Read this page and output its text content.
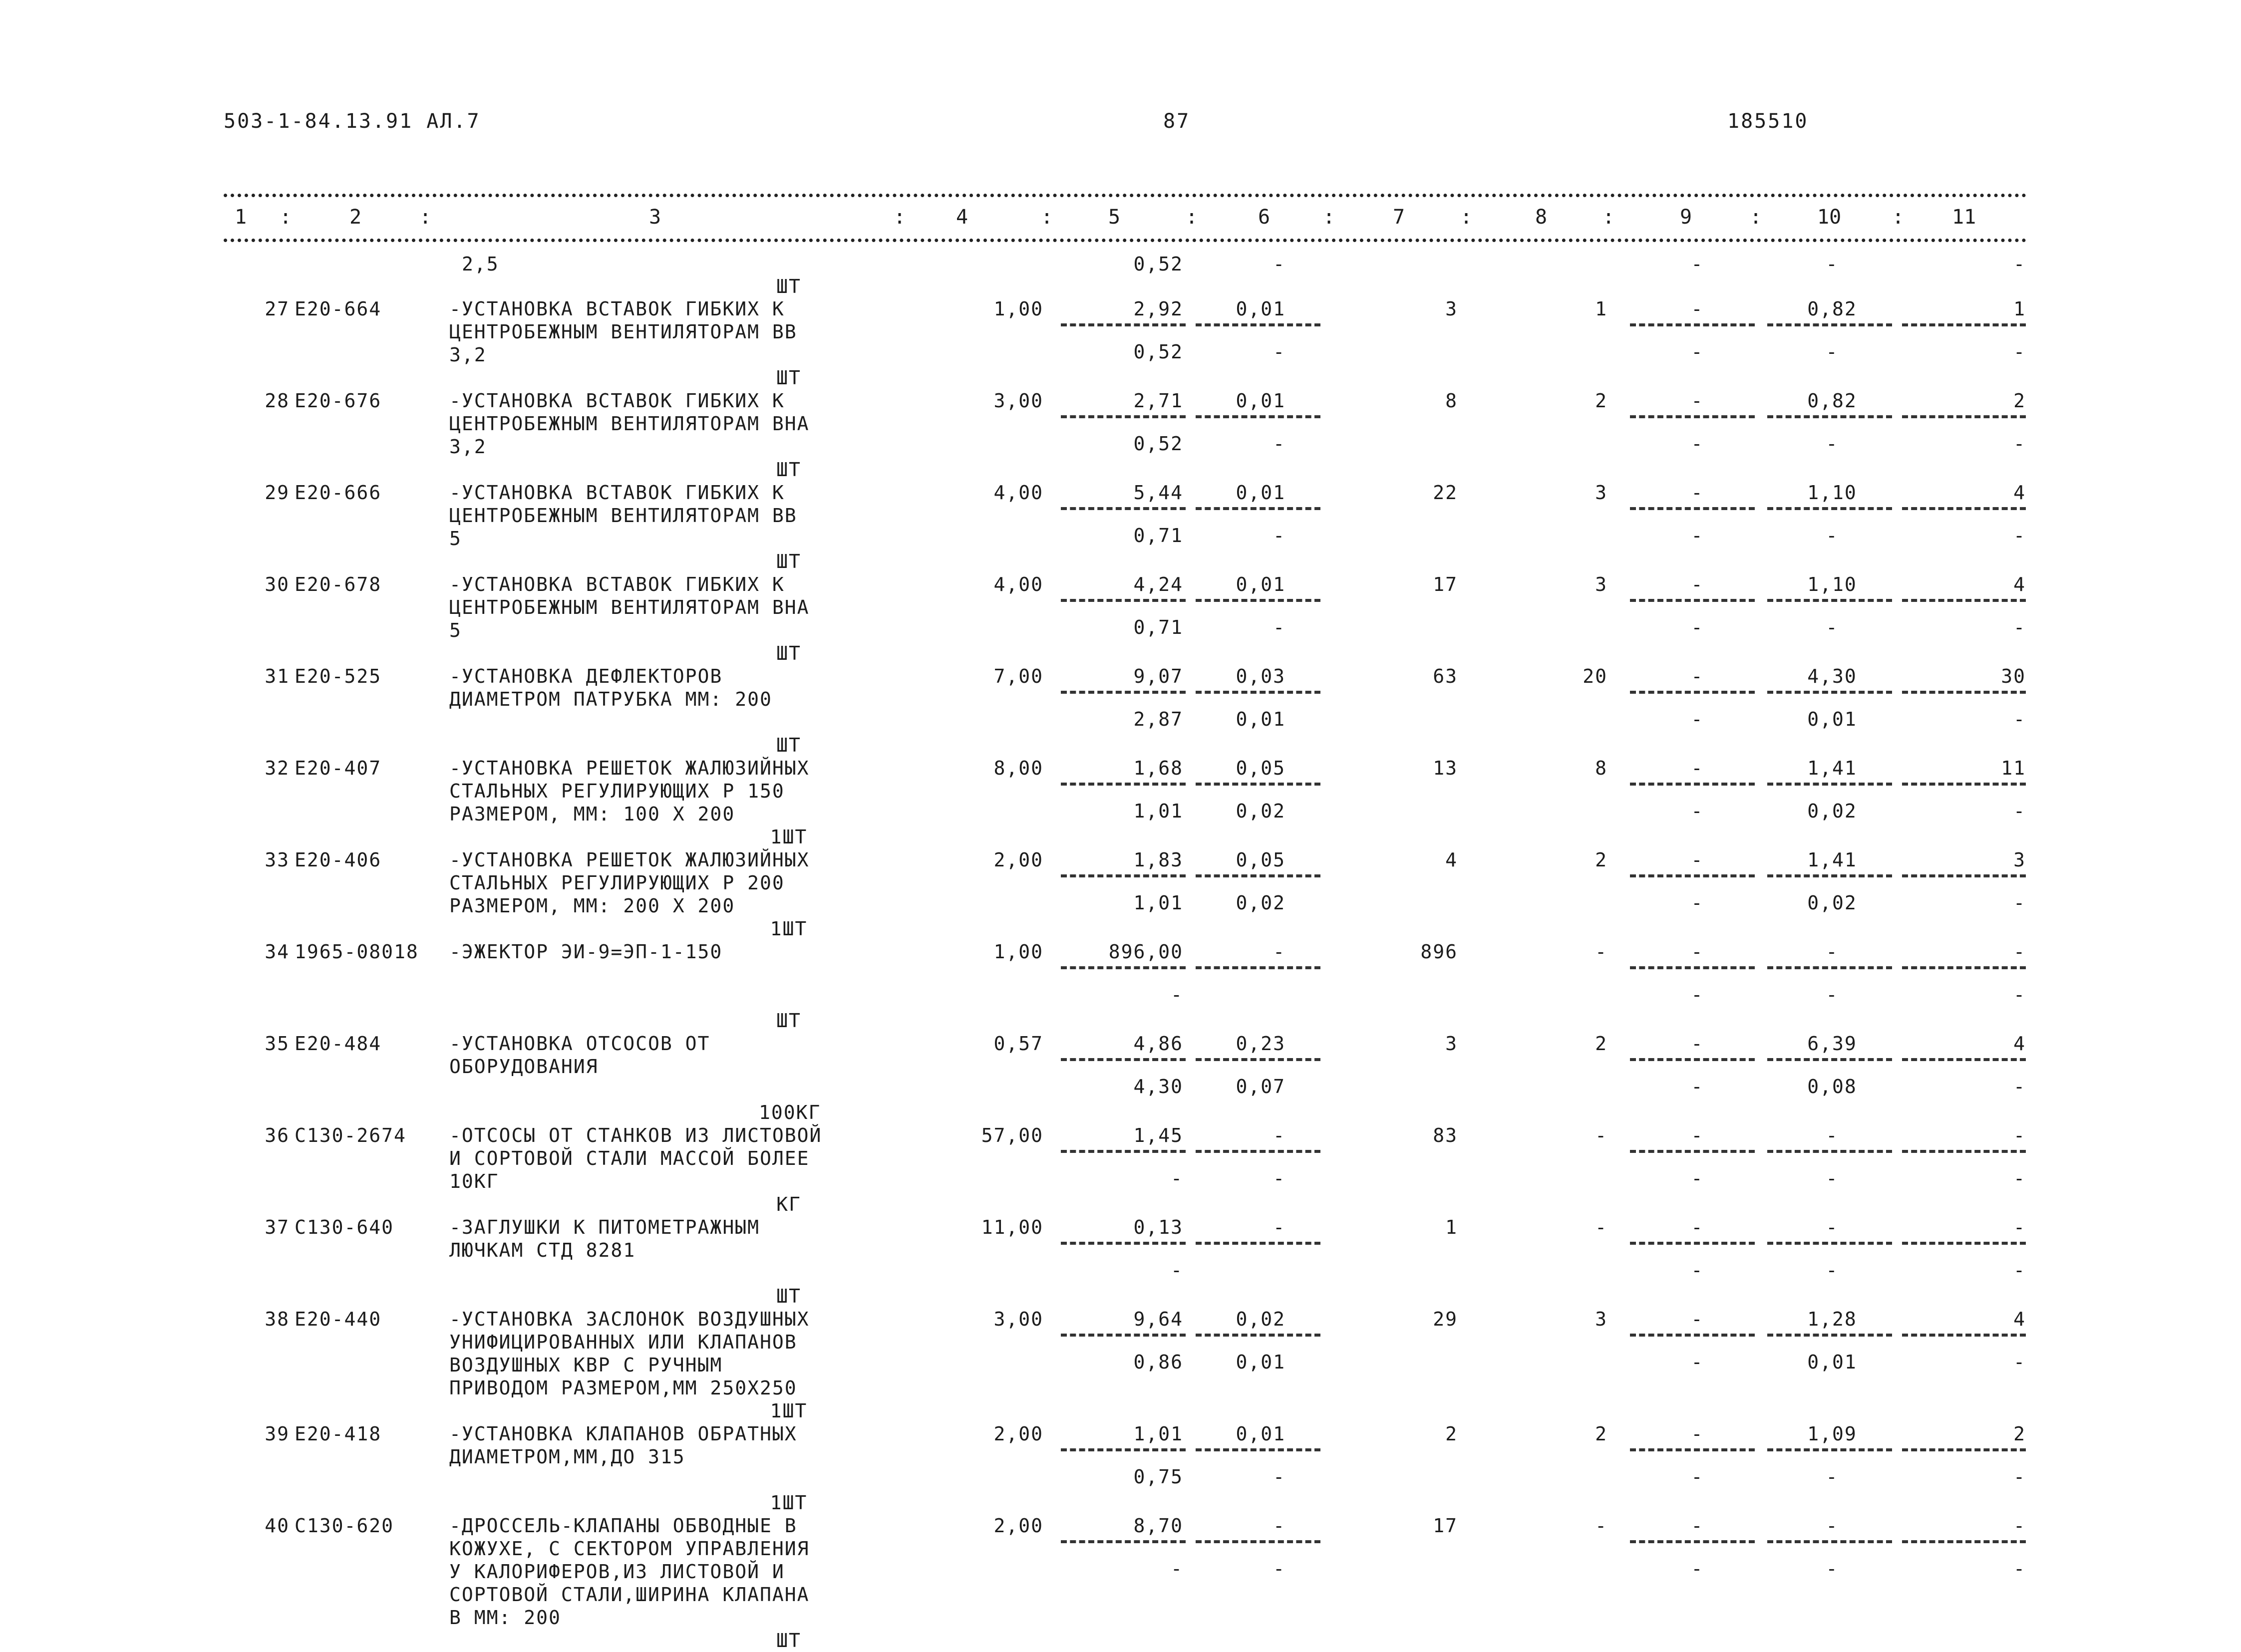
503-1-84.13.91 АЛ.7	87	185510
1 :	2	:	3	:	4	:	5	:	6	:	7	:	8	:	9	:	10	: 11
2,5
ШТ
0,52	-	-	-	-
27 Е20-664	-УСТАНОВКА ВСТАВОК ГИБКИХ К
ЦЕНТРОБЕЖНЫМ ВЕНТИЛЯТОРАМ ВВ
3,2
ШТ
1,00	2,92	0,01	3	1	-	0,82	1
0,52	-	-	-	-
28 Е20-676	-УСТАНОВКА ВСТАВОК ГИБКИХ К
ЦЕНТРОБЕЖНЫМ ВЕНТИЛЯТОРАМ ВНА
3,2
ШТ
3,00	2,71	0,01	8	2	-	0,82	2
0,52	-	-	-	-
29 Е20-666	-УСТАНОВКА ВСТАВОК ГИБКИХ К
ЦЕНТРОБЕЖНЫМ ВЕНТИЛЯТОРАМ ВВ
5
ШТ
4,00	5,44	0,01	22	3	-	1,10	4
0,71	-	-	-	-
30 Е20-678	-УСТАНОВКА ВСТАВОК ГИБКИХ К
ЦЕНТРОБЕЖНЫМ ВЕНТИЛЯТОРАМ ВНА
5
ШТ
4,00	4,24	0,01	17	3	-	1,10	4
0,71	-	-	-	-
31 Е20-525	-УСТАНОВКА ДЕФЛЕКТОРОВ
ДИАМЕТРОМ ПАТРУБКА ММ: 200
ШТ
7,00	9,07	0,03	63	20	-	4,30	30
2,87	0,01	-	0,01	-
32 Е20-407	-УСТАНОВКА РЕШЕТОК ЖАЛЮЗИЙНЫХ
СТАЛЬНЫХ РЕГУЛИРУЮЩИХ Р 150
РАЗМЕРОМ, ММ: 100 Х 200
1ШТ
8,00	1,68	0,05	13	8	-	1,41	11
1,01	0,02	-	0,02	-
33 Е20-406	-УСТАНОВКА РЕШЕТОК ЖАЛЮЗИЙНЫХ
СТАЛЬНЫХ РЕГУЛИРУЮЩИХ Р 200
РАЗМЕРОМ, ММ: 200 Х 200
1ШТ
2,00	1,83	0,05	4	2	-	1,41	3
1,01	0,02	-	0,02	-
34 1965-08018 -ЭЖЕКТОР ЭИ-9=ЭП-1-150
ШТ
1,00	896,00	-	896	-	-	-	-
-	-	-	-
35 Е20-484	-УСТАНОВКА ОТСОСОВ ОТ
ОБОРУДОВАНИЯ
100КГ
0,57	4,86	0,23	3	2	-	6,39	4
4,30	0,07	-	0,08	-
36 С130-2674 -ОТСОСЫ ОТ СТАНКОВ ИЗ ЛИСТОВОЙ
И СОРТОВОЙ СТАЛИ МАССОЙ БОЛЕЕ
10КГ
КГ
57,00	1,45	-	83	-	-	-	-
-	-	-	-	-
37 С130-640	-ЗАГЛУШКИ К ПИТОМЕТРАЖНЫМ
ЛЮЧКАМ СТД 8281
ШТ
11,00	0,13	-	1	-	-	-	-
-	-	-	-
38 Е20-440	-УСТАНОВКА ЗАСЛОНОК ВОЗДУШНЫХ
УНИФИЦИРОВАННЫХ ИЛИ КЛАПАНОВ
ВОЗДУШНЫХ КВР С РУЧНЫМ
ПРИВОДОМ РАЗМЕРОМ,ММ 250Х250
1ШТ
3,00	9,64	0,02	29	3	-	1,28	4
0,86	0,01	-	0,01	-
39 Е20-418	-УСТАНОВКА КЛАПАНОВ ОБРАТНЫХ
ДИАМЕТРОМ,ММ,ДО 315
1ШТ
2,00	1,01	0,01	2	2	-	1,09	2
0,75	-	-	-	-
40 С130-620	-ДРОССЕЛЬ-КЛАПАНЫ ОБВОДНЫЕ В
КОЖУХЕ, С СЕКТОРОМ УПРАВЛЕНИЯ
У КАЛОРИФЕРОВ,ИЗ ЛИСТОВОЙ И
СОРТОВОЙ СТАЛИ,ШИРИНА КЛАПАНА
В ММ: 200
ШТ
2,00	8,70	-	17	-	-	-	-
-	-	-	-	-
